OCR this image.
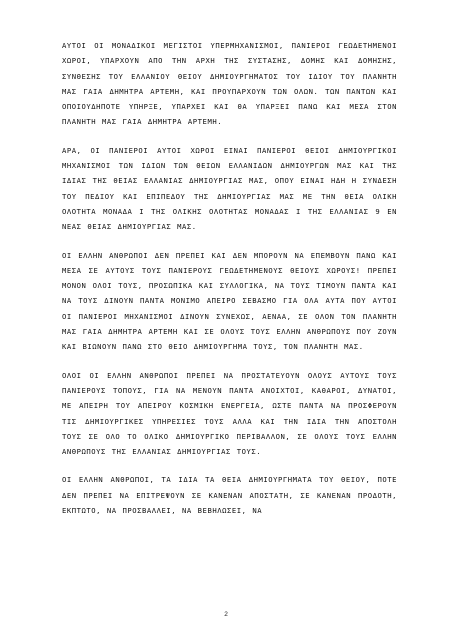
ΑΥΤΟΙ ΟΙ ΜΟΝΑΔΙΚΟΙ ΜΕΓΙΣΤΟΙ ΥΠΕΡΜΗΧΑΝΙΣΜΟΙ, ΠΑΝΙΕΡΟΙ ΓΕΩΔΕΤΗΜΕΝΟΙ ΧΩΡΟΙ, ΥΠΑΡΧΟΥΝ ΑΠΟ ΤΗΝ ΑΡΧΗ ΤΗΣ ΣΥΣΤΑΣΗΣ, ΔΟΜΗΣ ΚΑΙ ΔΟΜΗΣΗΣ, ΣΥΝΘΕΣΗΣ ΤΟΥ ΕΛΛΑΝΙΟΥ ΘΕΙΟΥ ΔΗΜΙΟΥΡΓΗΜΑΤΟΣ ΤΟΥ ΙΔΙΟΥ ΤΟΥ ΠΛΑΝΗΤΗ ΜΑΣ ΓΑΙΑ ΔΗΜΗΤΡΑ ΑΡΤΕΜΗ, ΚΑΙ ΠΡΟΥΠΑΡΧΟΥΝ ΤΩΝ ΟΛΩΝ. ΤΩΝ ΠΑΝΤΩΝ ΚΑΙ ΟΠΟΙΟΥΔΗΠΟΤΕ ΥΠΗΡΞΕ, ΥΠΑΡΧΕΙ ΚΑΙ ΘΑ ΥΠΑΡΞΕΙ ΠΑΝΩ ΚΑΙ ΜΕΣΑ ΣΤΟΝ ΠΛΑΝΗΤΗ ΜΑΣ ΓΑΙΑ ΔΗΜΗΤΡΑ ΑΡΤΕΜΗ.

ΑΡΑ, ΟΙ ΠΑΝΙΕΡΟΙ ΑΥΤΟΙ ΧΩΡΟΙ ΕΙΝΑΙ ΠΑΝΙΕΡΟΙ ΘΕΙΟΙ ΔΗΜΙΟΥΡΓΙΚΟΙ ΜΗΧΑΝΙΣΜΟΙ ΤΩΝ ΙΔΙΩΝ ΤΩΝ ΘΕΙΩΝ ΕΛΛΑΝΙΔΩΝ ΔΗΜΙΟΥΡΓΩΝ ΜΑΣ ΚΑΙ ΤΗΣ ΙΔΙΑΣ ΤΗΣ ΘΕΙΑΣ ΕΛΛΑΝΙΑΣ ΔΗΜΙΟΥΡΓΙΑΣ ΜΑΣ, ΟΠΟΥ ΕΙΝΑΙ ΗΔΗ Η ΣΥΝΔΕΣΗ ΤΟΥ ΠΕΔΙΟΥ ΚΑΙ ΕΠΙΠΕΔΟΥ ΤΗΣ ΔΗΜΙΟΥΡΓΙΑΣ ΜΑΣ ΜΕ ΤΗΝ ΘΕΙΑ ΟΛΙΚΗ ΟΛΟΤΗΤΑ ΜΟΝΑΔΑ Ι ΤΗΣ ΟΛΙΚΗΣ ΟΛΟΤΗΤΑΣ ΜΟΝΑΔΑΣ Ι ΤΗΣ ΕΛΛΑΝΙΑΣ 9 ΕΝ ΝΕΑΣ ΘΕΙΑΣ ΔΗΜΙΟΥΡΓΙΑΣ ΜΑΣ.

ΟΙ ΕΛΛΗΝ ΑΝΘΡΩΠΟΙ ΔΕΝ ΠΡΕΠΕΙ ΚΑΙ ΔΕΝ ΜΠΟΡΟΥΝ ΝΑ ΕΠΕΜΒΟΥΝ ΠΑΝΩ ΚΑΙ ΜΕΣΑ ΣΕ ΑΥΤΟΥΣ ΤΟΥΣ ΠΑΝΙΕΡΟΥΣ ΓΕΩΔΕΤΗΜΕΝΟΥΣ ΘΕΙΟΥΣ ΧΩΡΟΥΣ! ΠΡΕΠΕΙ ΜΟΝΟΝ ΟΛΟΙ ΤΟΥΣ, ΠΡΟΣΩΠΙΚΑ ΚΑΙ ΣΥΛΛΟΓΙΚΑ, ΝΑ ΤΟΥΣ ΤΙΜΟΥΝ ΠΑΝΤΑ ΚΑΙ ΝΑ ΤΟΥΣ ΔΙΝΟΥΝ ΠΑΝΤΑ ΜΟΝΙΜΟ ΑΠΕΙΡΟ ΣΕΒΑΣΜΟ ΓΙΑ ΟΛΑ ΑΥΤΑ ΠΟΥ ΑΥΤΟΙ ΟΙ ΠΑΝΙΕΡΟΙ ΜΗΧΑΝΙΣΜΟΙ ΔΙΝΟΥΝ ΣΥΝΕΧΩΣ, ΑΕΝΑΑ, ΣΕ ΟΛΟΝ ΤΟΝ ΠΛΑΝΗΤΗ ΜΑΣ ΓΑΙΑ ΔΗΜΗΤΡΑ ΑΡΤΕΜΗ ΚΑΙ ΣΕ ΟΛΟΥΣ ΤΟΥΣ ΕΛΛΗΝ ΑΝΘΡΩΠΟΥΣ ΠΟΥ ΖΟΥΝ ΚΑΙ ΒΙΩΝΟΥΝ ΠΑΝΩ ΣΤΟ ΘΕΙΟ ΔΗΜΙΟΥΡΓΗΜΑ ΤΟΥΣ, ΤΟΝ ΠΛΑΝΗΤΗ ΜΑΣ.

ΟΛΟΙ ΟΙ ΕΛΛΗΝ ΑΝΘΡΩΠΟΙ ΠΡΕΠΕΙ ΝΑ ΠΡΟΣΤΑΤΕΥΟΥΝ ΟΛΟΥΣ ΑΥΤΟΥΣ ΤΟΥΣ ΠΑΝΙΕΡΟΥΣ ΤΟΠΟΥΣ, ΓΙΑ ΝΑ ΜΕΝΟΥΝ ΠΑΝΤΑ ΑΝΟΙΧΤΟΙ, ΚΑΘΑΡΟΙ, ΔΥΝΑΤΟΙ, ΜΕ ΑΠΕΙΡΗ ΤΟΥ ΑΠΕΙΡΟΥ ΚΟΣΜΙΚΗ ΕΝΕΡΓΕΙΑ, ΩΣΤΕ ΠΑΝΤΑ ΝΑ ΠΡΟΣΦΕΡΟΥΝ ΤΙΣ ΔΗΜΙΟΥΡΓΙΚΕΣ ΥΠΗΡΕΣΙΕΣ ΤΟΥΣ ΑΛΛΑ ΚΑΙ ΤΗΝ ΙΔΙΑ ΤΗΝ ΑΠΟΣΤΟΛΗ ΤΟΥΣ ΣΕ ΟΛΟ ΤΟ ΟΛΙΚΟ ΔΗΜΙΟΥΡΓΙΚΟ ΠΕΡΙΒΑΛΛΟΝ, ΣΕ ΟΛΟΥΣ ΤΟΥΣ ΕΛΛΗΝ ΑΝΘΡΩΠΟΥΣ ΤΗΣ ΕΛΛΑΝΙΑΣ ΔΗΜΙΟΥΡΓΙΑΣ ΤΟΥΣ.

ΟΙ ΕΛΛΗΝ ΑΝΘΡΩΠΟΙ, ΤΑ ΙΔΙΑ ΤΑ ΘΕΙΑ ΔΗΜΙΟΥΡΓΗΜΑΤΑ ΤΟΥ ΘΕΙΟΥ, ΠΟΤΕ ΔΕΝ ΠΡΕΠΕΙ ΝΑ ΕΠΙΤΡΕΨΟΥΝ ΣΕ ΚΑΝΕΝΑΝ ΑΠΟΣΤΑΤΗ, ΣΕ ΚΑΝΕΝΑΝ ΠΡΟΔΟΤΗ, ΕΚΠΤΩΤΟ, ΝΑ ΠΡΟΣΒΑΛΛΕΙ, ΝΑ ΒΕΒΗΛΩΣΕΙ, ΝΑ

2
